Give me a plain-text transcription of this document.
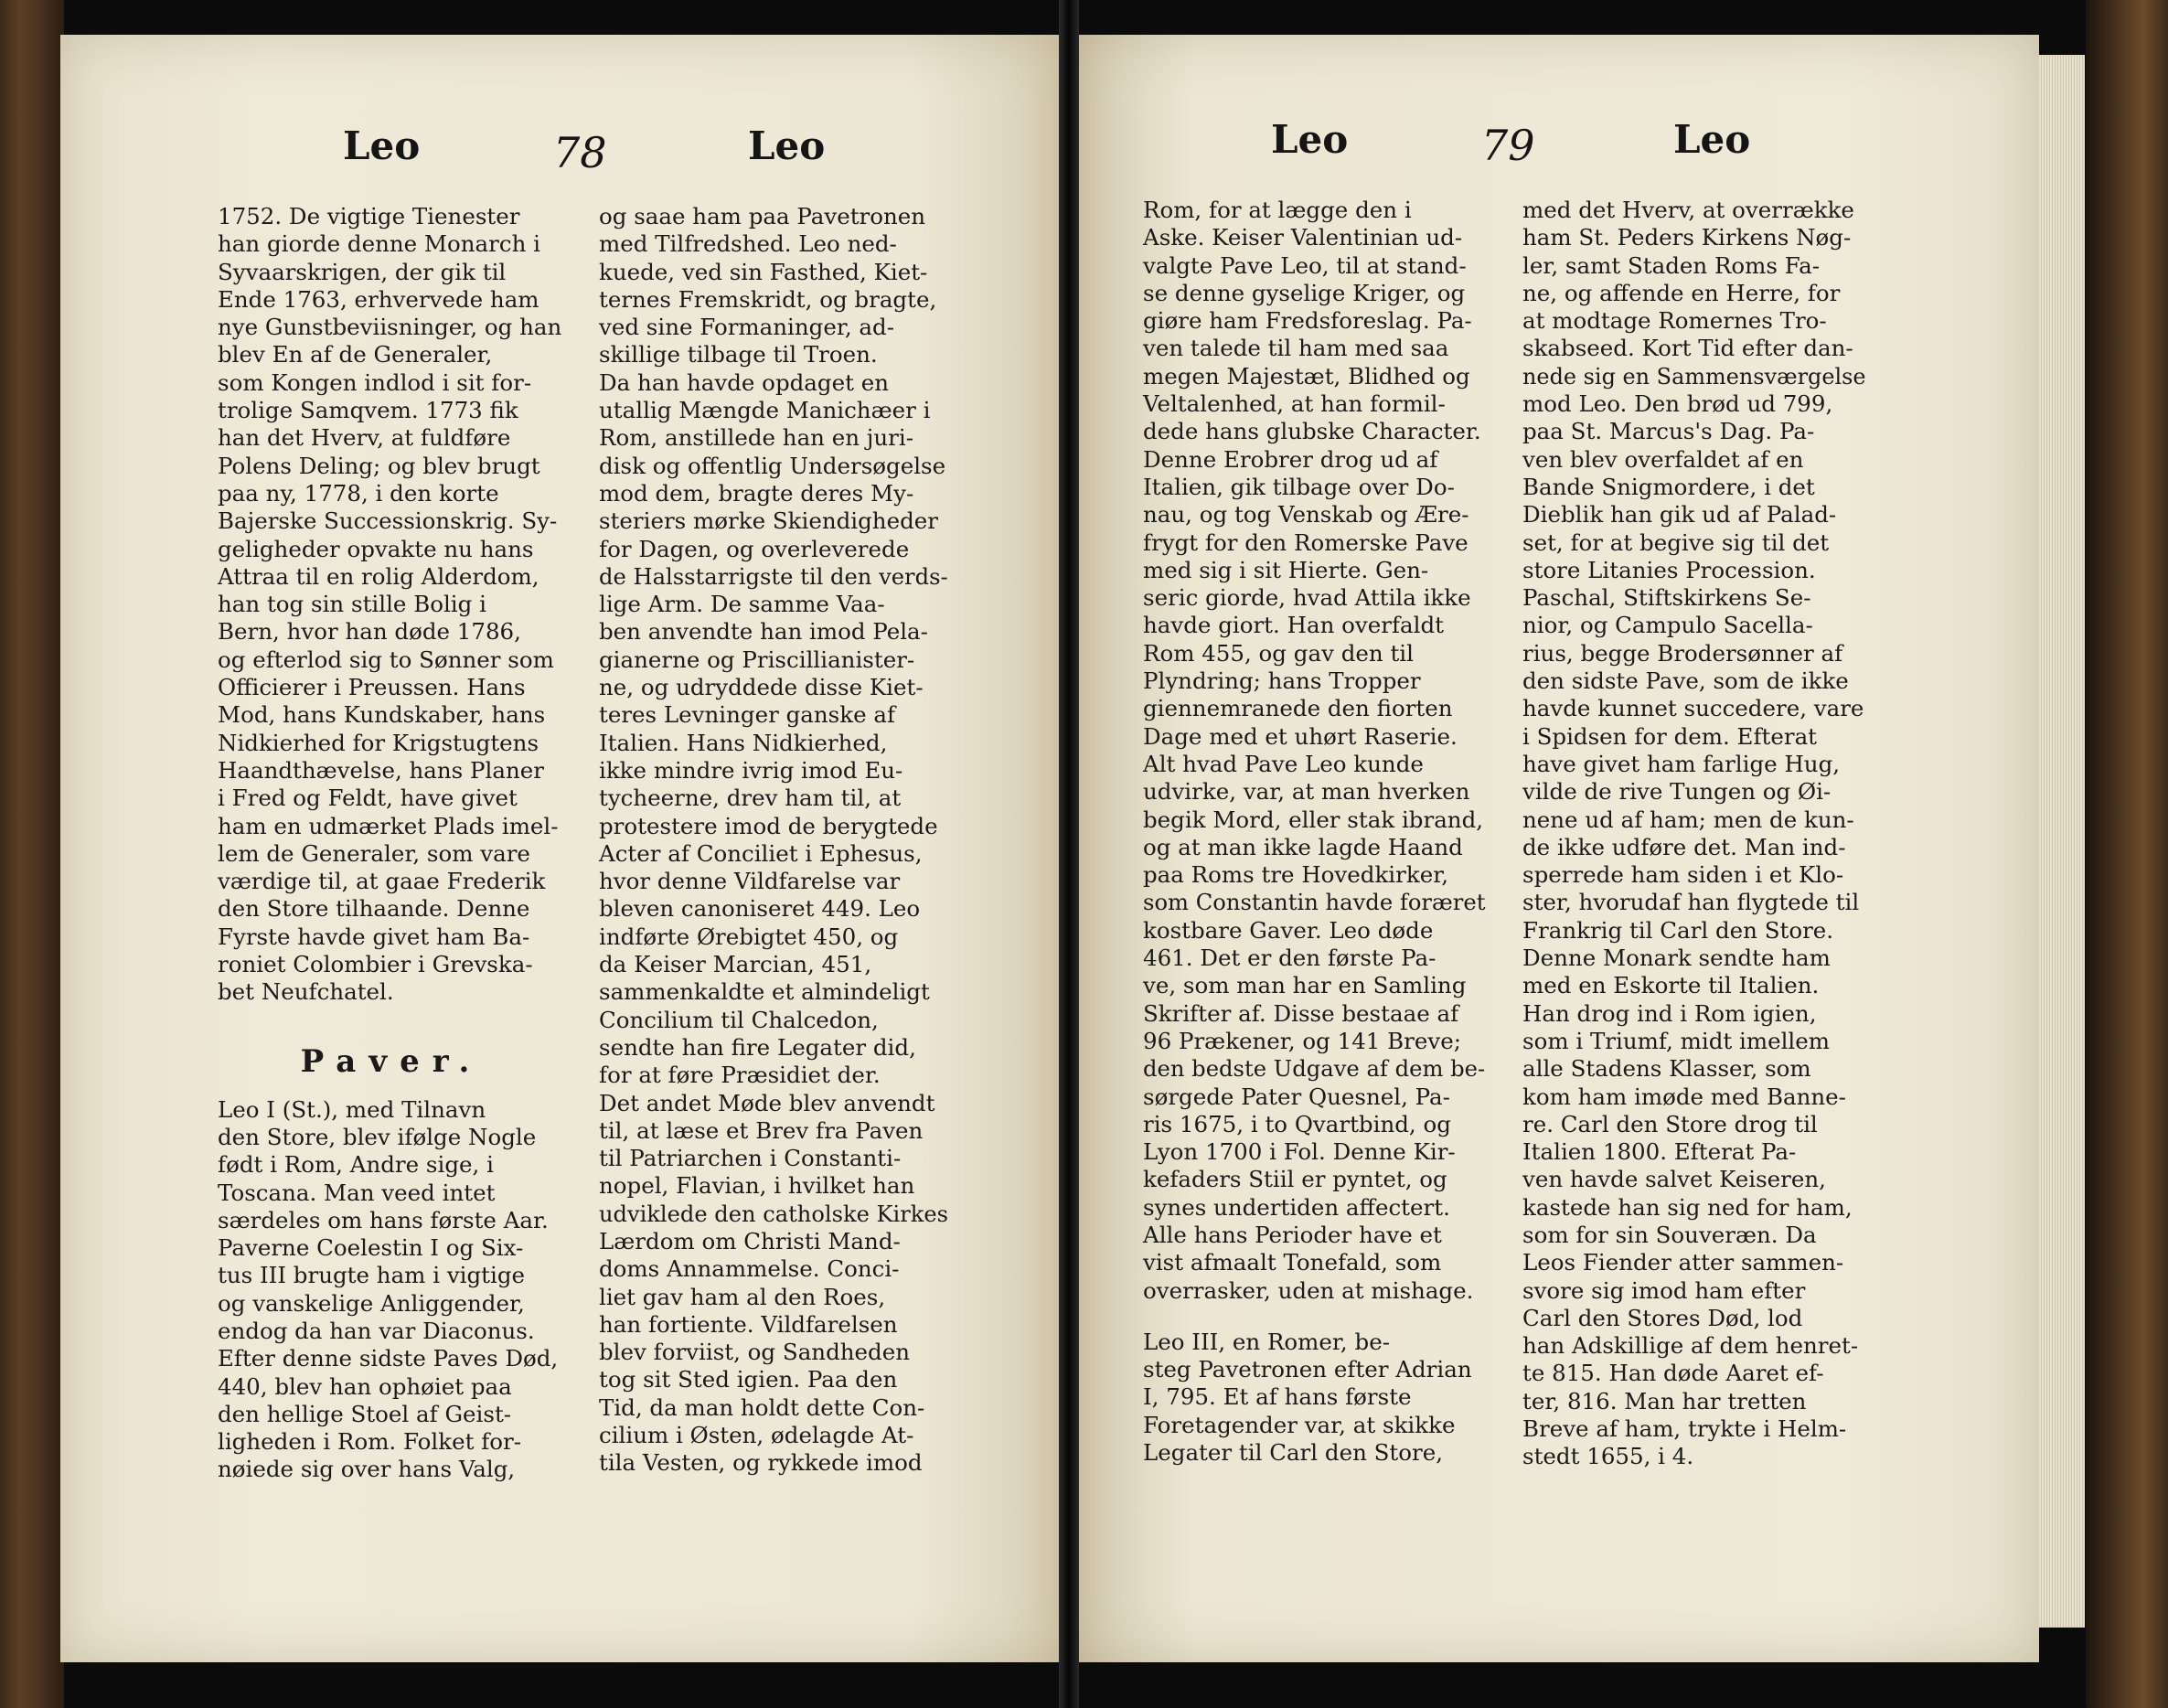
Leo	78	Leo
1752. De vigtige Tienester
han giorde denne Monarch i
Syvaarskrigen, der gik til
Ende 1763, erhvervede ham
nye Gunstbeviisninger, og han
blev En af de Generaler,
som Kongen indlod i sit for-
trolige Samqvem. 1773 fik
han det Hverv, at fuldføre
Polens Deling; og blev brugt
paa ny, 1778, i den korte
Bajerske Successionskrig. Sy-
geligheder opvakte nu hans
Attraa til en rolig Alderdom,
han tog sin stille Bolig i
Bern, hvor han døde 1786,
og efterlod sig to Sønner som
Officierer i Preussen. Hans
Mod, hans Kundskaber, hans
Nidkierhed for Krigstugtens
Haandthævelse, hans Planer
i Fred og Feldt, have givet
ham en udmærket Plads imel-
lem de Generaler, som vare
værdige til, at gaae Frederik
den Store tilhaande. Denne
Fyrste havde givet ham Ba-
roniet Colombier i Grevska-
bet Neufchatel.
Paver.
Leo I (St.), med Tilnavn
den Store, blev ifølge Nogle
født i Rom, Andre sige, i
Toscana. Man veed intet
særdeles om hans første Aar.
Paverne Coelestin I og Six-
tus III brugte ham i vigtige
og vanskelige Anliggender,
endog da han var Diaconus.
Efter denne sidste Paves Død,
440, blev han ophøiet paa
den hellige Stoel af Geist-
ligheden i Rom. Folket for-
nøiede sig over hans Valg,
og saae ham paa Pavetronen
med Tilfredshed. Leo ned-
kuede, ved sin Fasthed, Kiet-
ternes Fremskridt, og bragte,
ved sine Formaninger, ad-
skillige tilbage til Troen.
Da han havde opdaget en
utallig Mængde Manichæer i
Rom, anstillede han en juri-
disk og offentlig Undersøgelse
mod dem, bragte deres My-
steriers mørke Skiendigheder
for Dagen, og overleverede
de Halsstarrigste til den verds-
lige Arm. De samme Vaa-
ben anvendte han imod Pela-
gianerne og Priscillianister-
ne, og udryddede disse Kiet-
teres Levninger ganske af
Italien. Hans Nidkierhed,
ikke mindre ivrig imod Eu-
tycheerne, drev ham til, at
protestere imod de berygtede
Acter af Conciliet i Ephesus,
hvor denne Vildfarelse var
bleven canoniseret 449. Leo
indførte Ørebigtet 450, og
da Keiser Marcian, 451,
sammenkaldte et almindeligt
Concilium til Chalcedon,
sendte han fire Legater did,
for at føre Præsidiet der.
Det andet Møde blev anvendt
til, at læse et Brev fra Paven
til Patriarchen i Constanti-
nopel, Flavian, i hvilket han
udviklede den catholske Kirkes
Lærdom om Christi Mand-
doms Annammelse. Conci-
liet gav ham al den Roes,
han fortiente. Vildfarelsen
blev forviist, og Sandheden
tog sit Sted igien. Paa den
Tid, da man holdt dette Con-
cilium i Østen, ødelagde At-
tila Vesten, og rykkede imod
Leo	79	Leo
Rom, for at lægge den i
Aske. Keiser Valentinian ud-
valgte Pave Leo, til at stand-
se denne gyselige Kriger, og
giøre ham Fredsforeslag. Pa-
ven talede til ham med saa
megen Majestæt, Blidhed og
Veltalenhed, at han formil-
dede hans glubske Character.
Denne Erobrer drog ud af
Italien, gik tilbage over Do-
nau, og tog Venskab og Ære-
frygt for den Romerske Pave
med sig i sit Hierte. Gen-
seric giorde, hvad Attila ikke
havde giort. Han overfaldt
Rom 455, og gav den til
Plyndring; hans Tropper
giennemranede den fiorten
Dage med et uhørt Raserie.
Alt hvad Pave Leo kunde
udvirke, var, at man hverken
begik Mord, eller stak ibrand,
og at man ikke lagde Haand
paa Roms tre Hovedkirker,
som Constantin havde foræret
kostbare Gaver. Leo døde
461. Det er den første Pa-
ve, som man har en Samling
Skrifter af. Disse bestaae af
96 Prækener, og 141 Breve;
den bedste Udgave af dem be-
sørgede Pater Quesnel, Pa-
ris 1675, i to Qvartbind, og
Lyon 1700 i Fol. Denne Kir-
kefaders Stiil er pyntet, og
synes undertiden affectert.
Alle hans Perioder have et
vist afmaalt Tonefald, som
overrasker, uden at mishage.
Leo III, en Romer, be-
steg Pavetronen efter Adrian
I, 795. Et af hans første
Foretagender var, at skikke
Legater til Carl den Store,
med det Hverv, at overrække
ham St. Peders Kirkens Nøg-
ler, samt Staden Roms Fa-
ne, og affende en Herre, for
at modtage Romernes Tro-
skabseed. Kort Tid efter dan-
nede sig en Sammensværgelse
mod Leo. Den brød ud 799,
paa St. Marcus's Dag. Pa-
ven blev overfaldet af en
Bande Snigmordere, i det
Dieblik han gik ud af Palad-
set, for at begive sig til det
store Litanies Procession.
Paschal, Stiftskirkens Se-
nior, og Campulo Sacella-
rius, begge Brodersønner af
den sidste Pave, som de ikke
havde kunnet succedere, vare
i Spidsen for dem. Efterat
have givet ham farlige Hug,
vilde de rive Tungen og Øi-
nene ud af ham; men de kun-
de ikke udføre det. Man ind-
sperrede ham siden i et Klo-
ster, hvorudaf han flygtede til
Frankrig til Carl den Store.
Denne Monark sendte ham
med en Eskorte til Italien.
Han drog ind i Rom igien,
som i Triumf, midt imellem
alle Stadens Klasser, som
kom ham imøde med Banne-
re. Carl den Store drog til
Italien 1800. Efterat Pa-
ven havde salvet Keiseren,
kastede han sig ned for ham,
som for sin Souveræn. Da
Leos Fiender atter sammen-
svore sig imod ham efter
Carl den Stores Død, lod
han Adskillige af dem henret-
te 815. Han døde Aaret ef-
ter, 816. Man har tretten
Breve af ham, trykte i Helm-
stedt 1655, i 4.
